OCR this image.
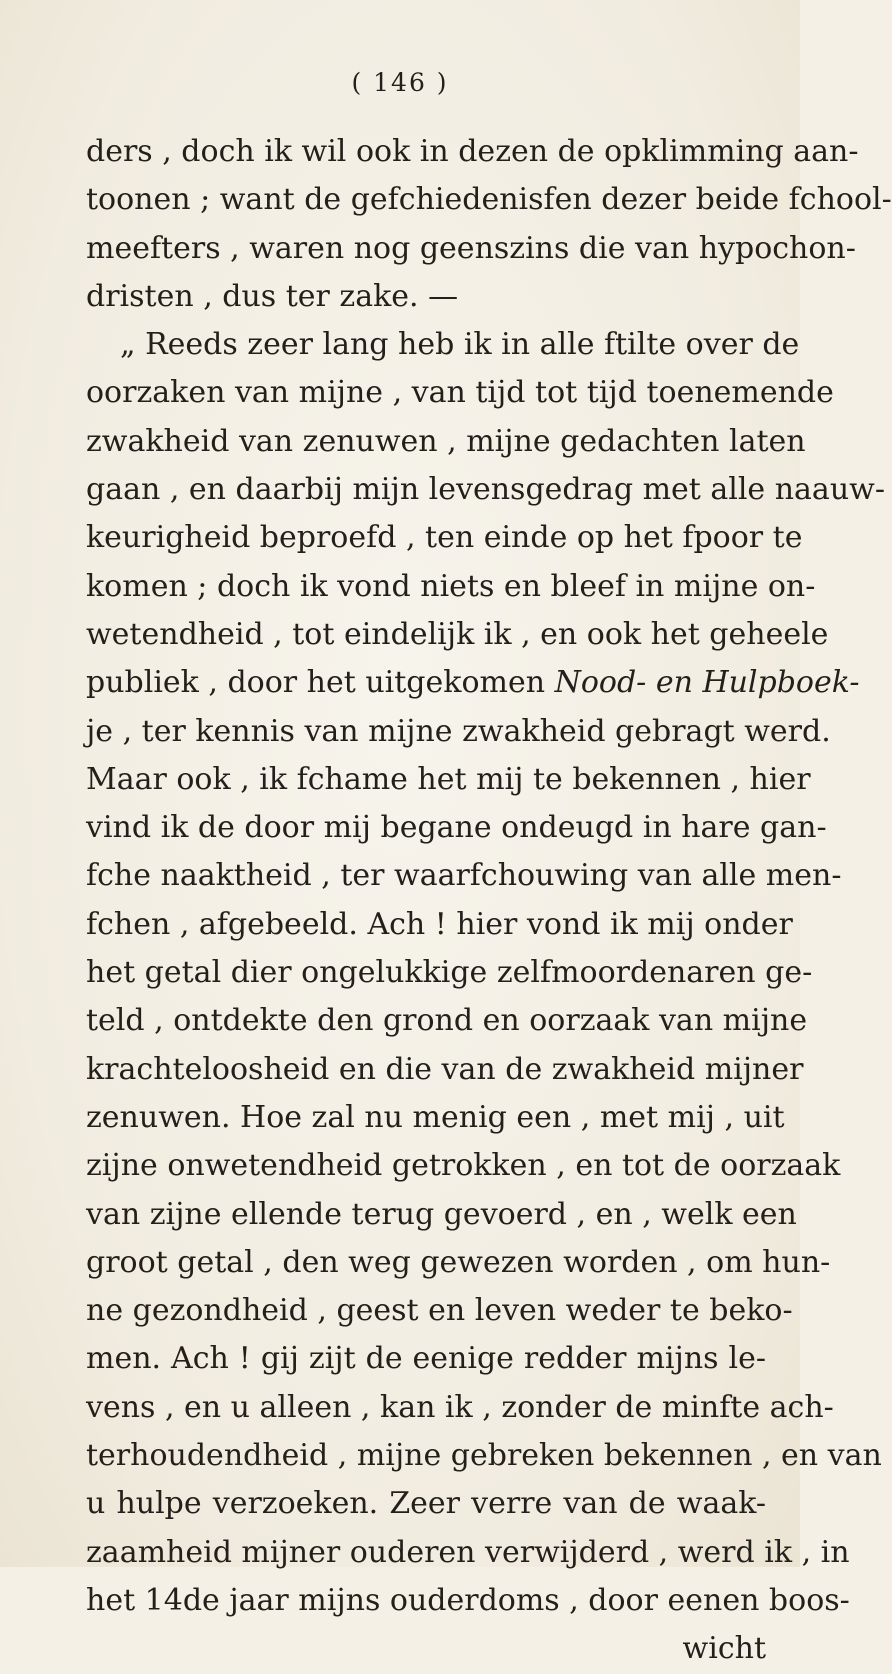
( 146 )
ders , doch ik wil ook in dezen de opklimming aan-
toonen ; want de gefchiedenisfen dezer beide fchool-
meefters , waren nog geenszins die van hypochon-
dristen , dus ter zake. —
„ Reeds zeer lang heb ik in alle ftilte over de
oorzaken van mijne , van tijd tot tijd toenemende
zwakheid van zenuwen , mijne gedachten laten
gaan , en daarbij mijn levensgedrag met alle naauw-
keurigheid beproefd , ten einde op het fpoor te
komen ; doch ik vond niets en bleef in mijne on-
wetendheid , tot eindelijk ik , en ook het geheele
publiek , door het uitgekomen Nood- en Hulpboek-
je , ter kennis van mijne zwakheid gebragt werd.
Maar ook , ik fchame het mij te bekennen , hier
vind ik de door mij begane ondeugd in hare gan-
fche naaktheid , ter waarfchouwing van alle men-
fchen , afgebeeld. Ach ! hier vond ik mij onder
het getal dier ongelukkige zelfmoordenaren ge-
teld , ontdekte den grond en oorzaak van mijne
krachteloosheid en die van de zwakheid mijner
zenuwen. Hoe zal nu menig een , met mij , uit
zijne onwetendheid getrokken , en tot de oorzaak
van zijne ellende terug gevoerd , en , welk een
groot getal , den weg gewezen worden , om hun-
ne gezondheid , geest en leven weder te beko-
men. Ach ! gij zijt de eenige redder mijns le-
vens , en u alleen , kan ik , zonder de minfte ach-
terhoudendheid , mijne gebreken bekennen , en van
u hulpe verzoeken. Zeer verre van de waak-
zaamheid mijner ouderen verwijderd , werd ik , in
het 14de jaar mijns ouderdoms , door eenen boos-
wicht
